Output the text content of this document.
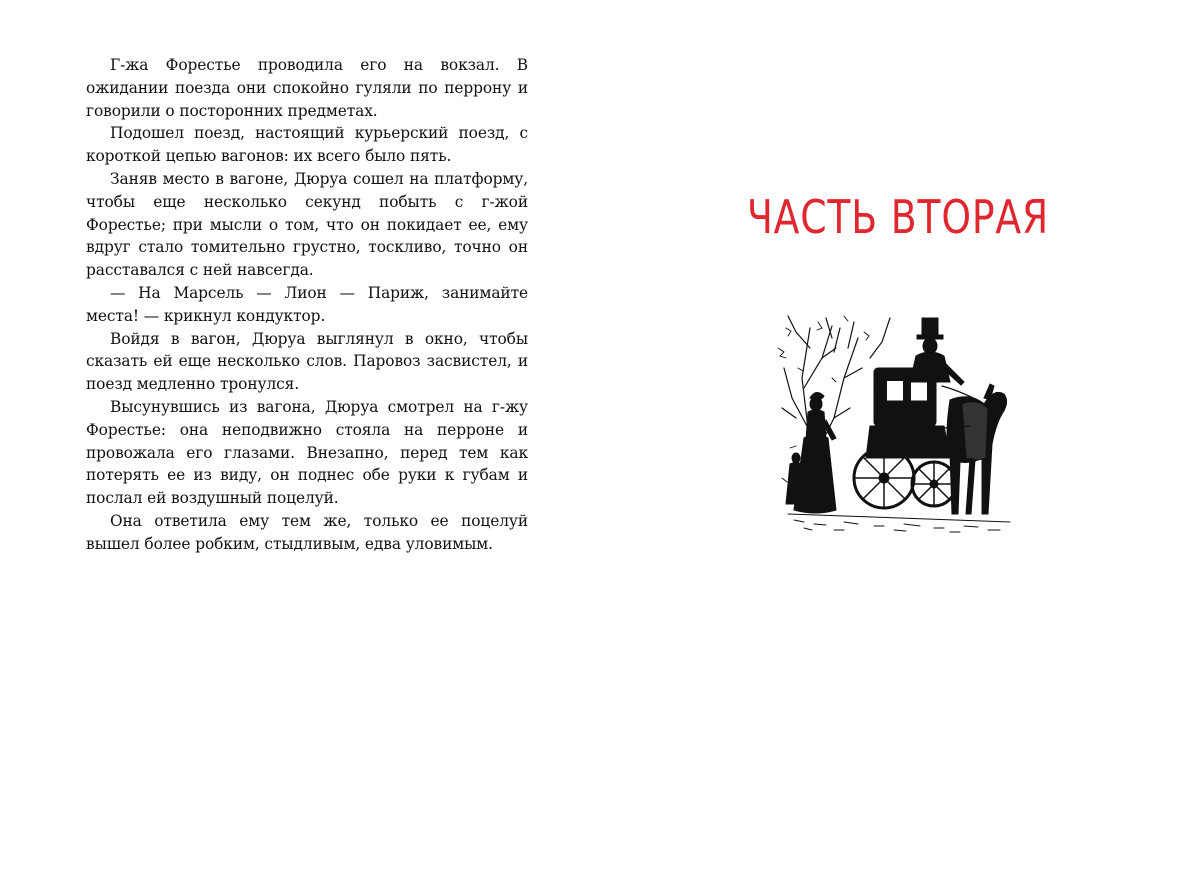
Г-жа Форестье проводила его на вокзал. В ожидании поезда они спокойно гуляли по перрону и говорили о посторонних предметах.

Подошел поезд, настоящий курьерский поезд, с короткой цепью вагонов: их всего было пять.

Заняв место в вагоне, Дюруа сошел на платформу, чтобы еще несколько секунд побыть с г-жой Форестье; при мысли о том, что он покидает ее, ему вдруг стало томительно грустно, тоскливо, точно он расставался с ней навсегда.

— На Марсель — Лион — Париж, занимайте места! — крикнул кондуктор.

Войдя в вагон, Дюруа выглянул в окно, чтобы сказать ей еще несколько слов. Паровоз засвистел, и поезд медленно тронулся.

Высунувшись из вагона, Дюруа смотрел на г-жу Форестье: она неподвижно стояла на перроне и провожала его глазами. Внезапно, перед тем как потерять ее из виду, он поднес обе руки к губам и послал ей воздушный поцелуй.

Она ответила ему тем же, только ее поцелуй вышел более робким, стыдливым, едва уловимым.

ЧАСТЬ ВТОРАЯ
